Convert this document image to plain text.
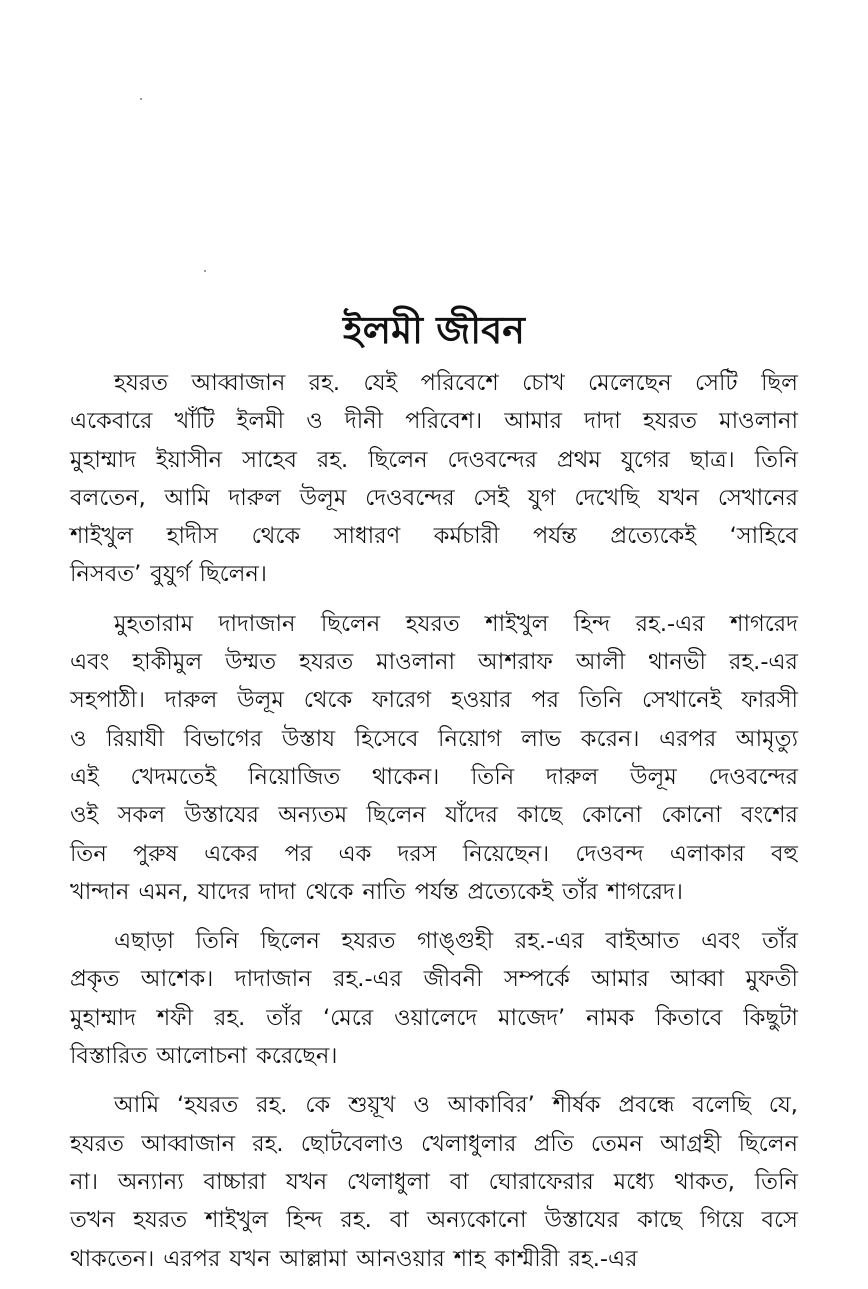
ইলমী জীবন
হযরত আব্বাজান রহ. যেই পরিবেশে চোখ মেলেছেন সেটি ছিল
একেবারে খাঁটি ইলমী ও দীনী পরিবেশ। আমার দাদা হযরত মাওলানা
মুহাম্মাদ ইয়াসীন সাহেব রহ. ছিলেন দেওবন্দের প্রথম যুগের ছাত্র। তিনি
বলতেন, আমি দারুল উলূম দেওবন্দের সেই যুগ দেখেছি যখন সেখানের
শাইখুল হাদীস থেকে সাধারণ কর্মচারী পর্যন্ত প্রত্যেকেই ‘সাহিবে
নিসবত’ বুযুর্গ ছিলেন।
মুহতারাম দাদাজান ছিলেন হযরত শাইখুল হিন্দ রহ.-এর শাগরেদ
এবং হাকীমুল উম্মত হযরত মাওলানা আশরাফ আলী থানভী রহ.-এর
সহপাঠী। দারুল উলূম থেকে ফারেগ হওয়ার পর তিনি সেখানেই ফারসী
ও রিয়াযী বিভাগের উস্তায হিসেবে নিয়োগ লাভ করেন। এরপর আমৃত্যু
এই খেদমতেই নিয়োজিত থাকেন। তিনি দারুল উলূম দেওবন্দের
ওই সকল উস্তাযের অন্যতম ছিলেন যাঁদের কাছে কোনো কোনো বংশের
তিন পুরুষ একের পর এক দরস নিয়েছেন। দেওবন্দ এলাকার বহু
খান্দান এমন, যাদের দাদা থেকে নাতি পর্যন্ত প্রত্যেকেই তাঁর শাগরেদ।
এছাড়া তিনি ছিলেন হযরত গাঙ্গুহী রহ.-এর বাইআত এবং তাঁর
প্রকৃত আশেক। দাদাজান রহ.-এর জীবনী সম্পর্কে আমার আব্বা মুফতী
মুহাম্মাদ শফী রহ. তাঁর ‘মেরে ওয়ালেদে মাজেদ’ নামক কিতাবে কিছুটা
বিস্তারিত আলোচনা করেছেন।
আমি ‘হযরত রহ. কে শুয়ূখ ও আকাবির’ শীর্ষক প্রবন্ধে বলেছি যে,
হযরত আব্বাজান রহ. ছোটবেলাও খেলাধুলার প্রতি তেমন আগ্রহী ছিলেন
না। অন্যান্য বাচ্চারা যখন খেলাধুলা বা ঘোরাফেরার মধ্যে থাকত, তিনি
তখন হযরত শাইখুল হিন্দ রহ. বা অন্যকোনো উস্তাযের কাছে গিয়ে বসে
থাকতেন। এরপর যখন আল্লামা আনওয়ার শাহ কাশ্মীরী রহ.-এর
